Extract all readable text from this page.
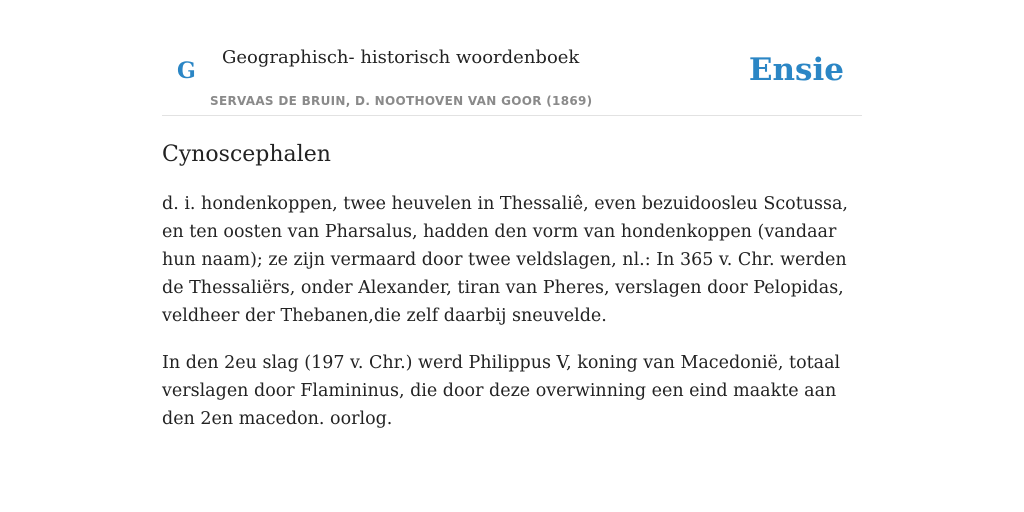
G
Geographisch- historisch woordenboek
SERVAAS DE BRUIN, D. NOOTHOVEN VAN GOOR (1869)
Ensie
Cynoscephalen

d. i. hondenkoppen, twee heuvelen in Thessaliê, even bezuidoosleu Scotussa, en ten oosten van Pharsalus, hadden den vorm van hondenkoppen (vandaar hun naam); ze zijn vermaard door twee veldslagen, nl.: In 365 v. Chr. werden de Thessaliërs, onder Alexander, tiran van Pheres, verslagen door Pelopidas, veldheer der Thebanen,die zelf daarbij sneuvelde.

In den 2eu slag (197 v. Chr.) werd Philippus V, koning van Macedonië, totaal verslagen door Flamininus, die door deze overwinning een eind maakte aan den 2en macedon. oorlog.
